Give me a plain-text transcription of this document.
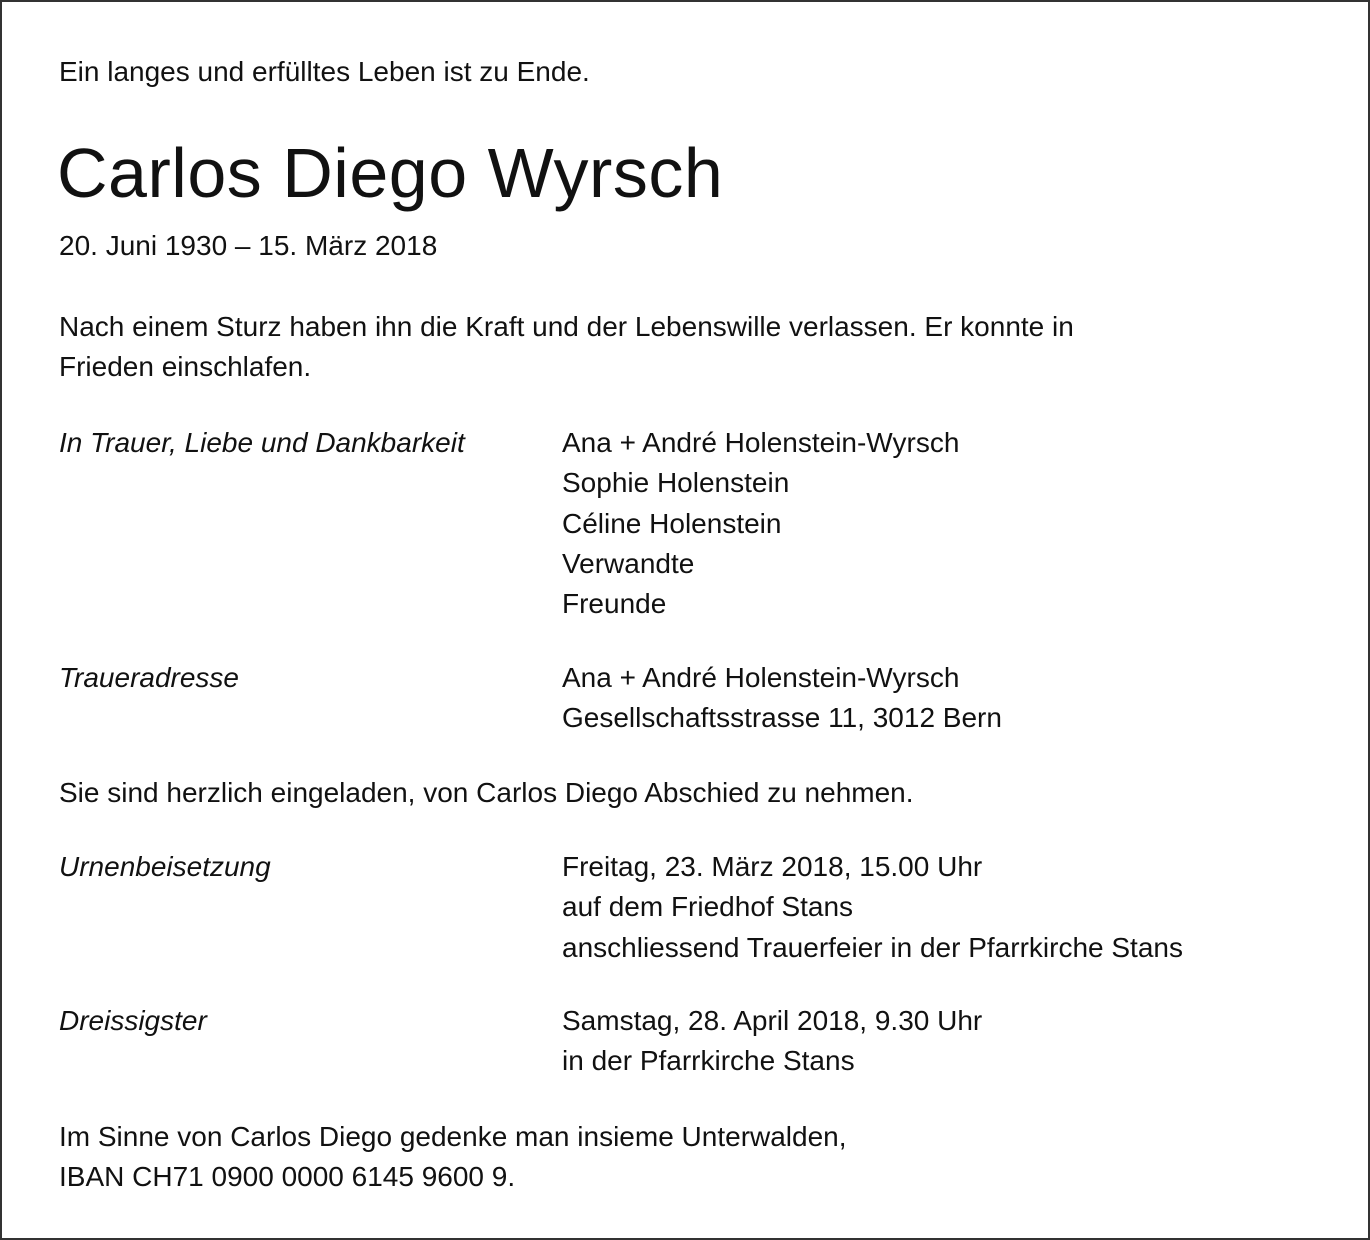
Ein langes und erfülltes Leben ist zu Ende.
Carlos Diego Wyrsch
20. Juni 1930 – 15. März 2018
Nach einem Sturz haben ihn die Kraft und der Lebenswille verlassen. Er konnte in
Frieden einschlafen.
In Trauer, Liebe und Dankbarkeit	Ana + André Holenstein-Wyrsch
Sophie Holenstein
Céline Holenstein
Verwandte
Freunde
Traueradresse	Ana + André Holenstein-Wyrsch
Gesellschaftsstrasse 11, 3012 Bern
Sie sind herzlich eingeladen, von Carlos Diego Abschied zu nehmen.
Urnenbeisetzung	Freitag, 23. März 2018, 15.00 Uhr
auf dem Friedhof Stans
anschliessend Trauerfeier in der Pfarrkirche Stans
Dreissigster	Samstag, 28. April 2018, 9.30 Uhr
in der Pfarrkirche Stans
Im Sinne von Carlos Diego gedenke man insieme Unterwalden,
IBAN CH71 0900 0000 6145 9600 9.
